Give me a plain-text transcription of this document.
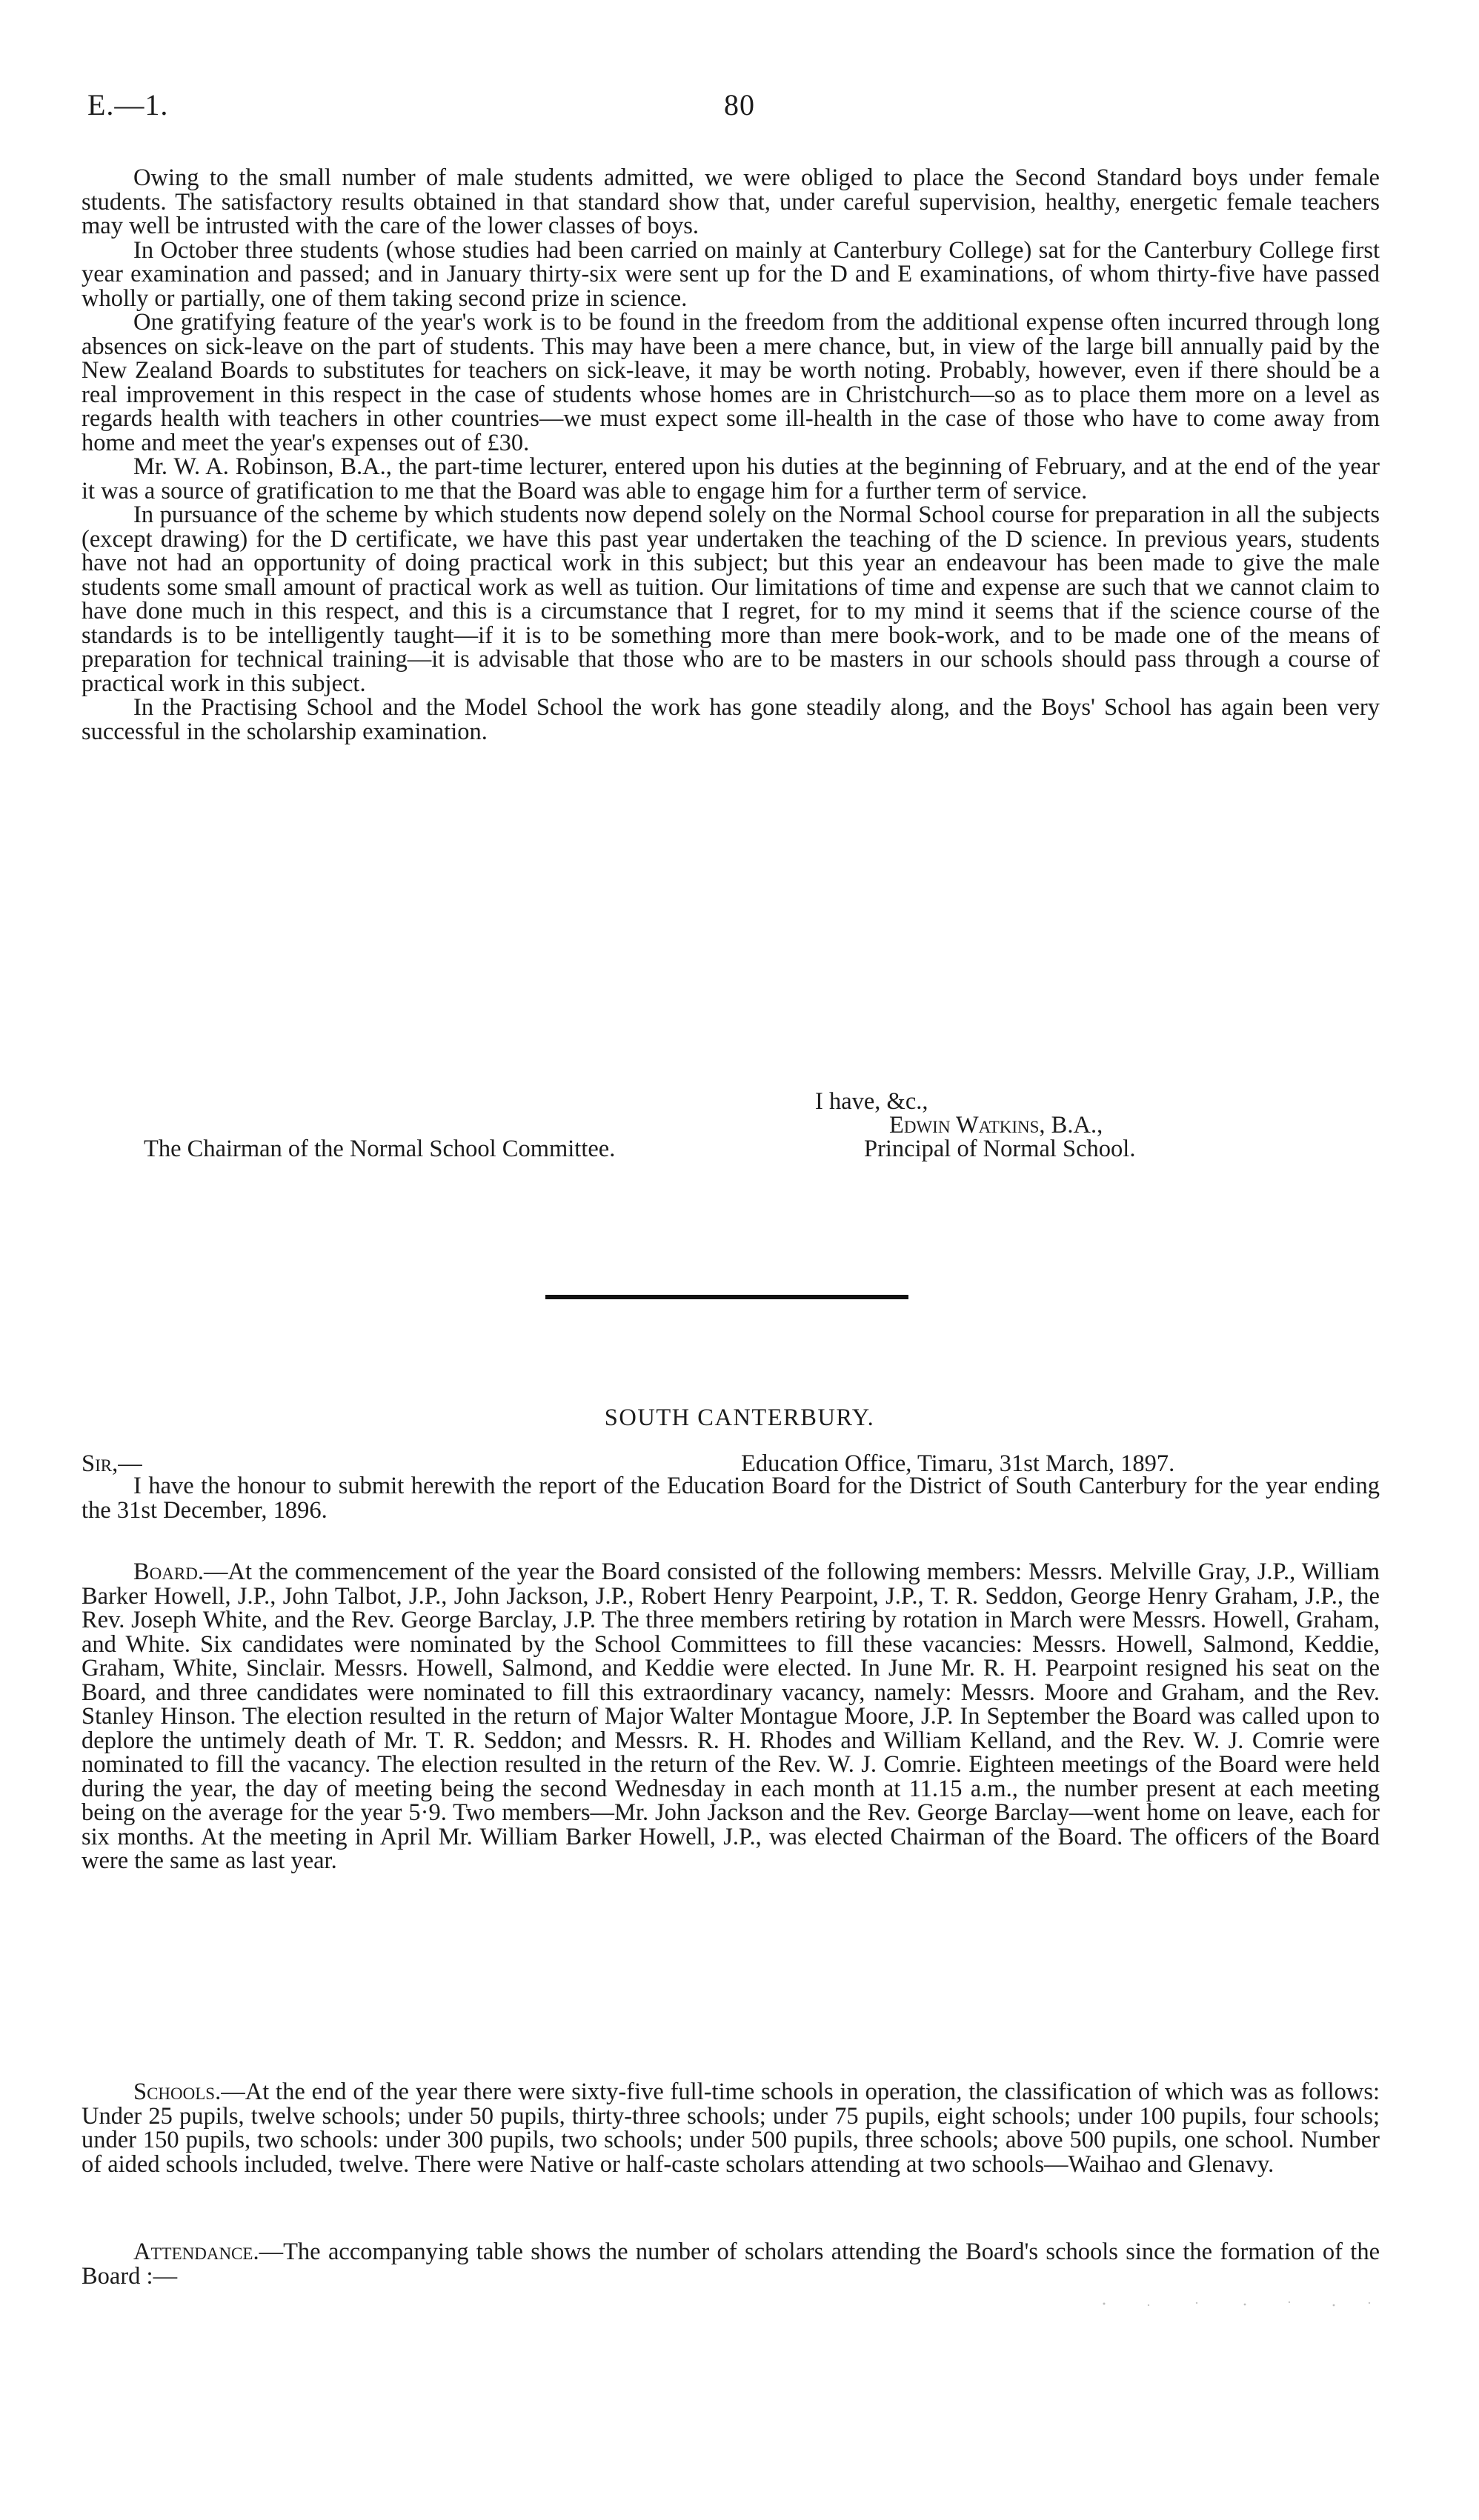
E.—1.	80

Owing to the small number of male students admitted, we were obliged to place the Second Standard boys under female students. The satisfactory results obtained in that standard show that, under careful supervision, healthy, energetic female teachers may well be intrusted with the care of the lower classes of boys.

In October three students (whose studies had been carried on mainly at Canterbury College) sat for the Canterbury College first year examination and passed; and in January thirty-six were sent up for the D and E examinations, of whom thirty-five have passed wholly or partially, one of them taking second prize in science.

One gratifying feature of the year's work is to be found in the freedom from the additional expense often incurred through long absences on sick-leave on the part of students. This may have been a mere chance, but, in view of the large bill annually paid by the New Zealand Boards to substitutes for teachers on sick-leave, it may be worth noting. Probably, however, even if there should be a real improvement in this respect in the case of students whose homes are in Christchurch—so as to place them more on a level as regards health with teachers in other countries—we must expect some ill-health in the case of those who have to come away from home and meet the year's expenses out of £30.

Mr. W. A. Robinson, B.A., the part-time lecturer, entered upon his duties at the beginning of February, and at the end of the year it was a source of gratification to me that the Board was able to engage him for a further term of service.

In pursuance of the scheme by which students now depend solely on the Normal School course for preparation in all the subjects (except drawing) for the D certificate, we have this past year undertaken the teaching of the D science. In previous years, students have not had an opportunity of doing practical work in this subject; but this year an endeavour has been made to give the male students some small amount of practical work as well as tuition. Our limitations of time and expense are such that we cannot claim to have done much in this respect, and this is a circumstance that I regret, for to my mind it seems that if the science course of the standards is to be intelligently taught—if it is to be something more than mere book-work, and to be made one of the means of preparation for technical training—it is advisable that those who are to be masters in our schools should pass through a course of practical work in this subject.

In the Practising School and the Model School the work has gone steadily along, and the Boys' School has again been very successful in the scholarship examination.

I have, &c.,
Edwin Watkins, B.A.,
The Chairman of the Normal School Committee.	Principal of Normal School.
SOUTH CANTERBURY.
Sir,—	Education Office, Timaru, 31st March, 1897.

I have the honour to submit herewith the report of the Education Board for the District of South Canterbury for the year ending the 31st December, 1896.

Board.—At the commencement of the year the Board consisted of the following members: Messrs. Melville Gray, J.P., William Barker Howell, J.P., John Talbot, J.P., John Jackson, J.P., Robert Henry Pearpoint, J.P., T. R. Seddon, George Henry Graham, J.P., the Rev. Joseph White, and the Rev. George Barclay, J.P. The three members retiring by rotation in March were Messrs. Howell, Graham, and White. Six candidates were nominated by the School Committees to fill these vacancies: Messrs. Howell, Salmond, Keddie, Graham, White, Sinclair. Messrs. Howell, Salmond, and Keddie were elected. In June Mr. R. H. Pearpoint resigned his seat on the Board, and three candidates were nominated to fill this extraordinary vacancy, namely: Messrs. Moore and Graham, and the Rev. Stanley Hinson. The election resulted in the return of Major Walter Montague Moore, J.P. In September the Board was called upon to deplore the untimely death of Mr. T. R. Seddon; and Messrs. R. H. Rhodes and William Kelland, and the Rev. W. J. Comrie were nominated to fill the vacancy. The election resulted in the return of the Rev. W. J. Comrie. Eighteen meetings of the Board were held during the year, the day of meeting being the second Wednesday in each month at 11.15 a.m., the number present at each meeting being on the average for the year 5·9. Two members—Mr. John Jackson and the Rev. George Barclay—went home on leave, each for six months. At the meeting in April Mr. William Barker Howell, J.P., was elected Chairman of the Board. The officers of the Board were the same as last year.

Schools.—At the end of the year there were sixty-five full-time schools in operation, the classification of which was as follows: Under 25 pupils, twelve schools; under 50 pupils, thirty-three schools; under 75 pupils, eight schools; under 100 pupils, four schools; under 150 pupils, two schools: under 300 pupils, two schools; under 500 pupils, three schools; above 500 pupils, one school. Number of aided schools included, twelve. There were Native or half-caste scholars attending at two schools—Waihao and Glenavy.

Attendance.—The accompanying table shows the number of scholars attending the Board's schools since the formation of the Board :—
